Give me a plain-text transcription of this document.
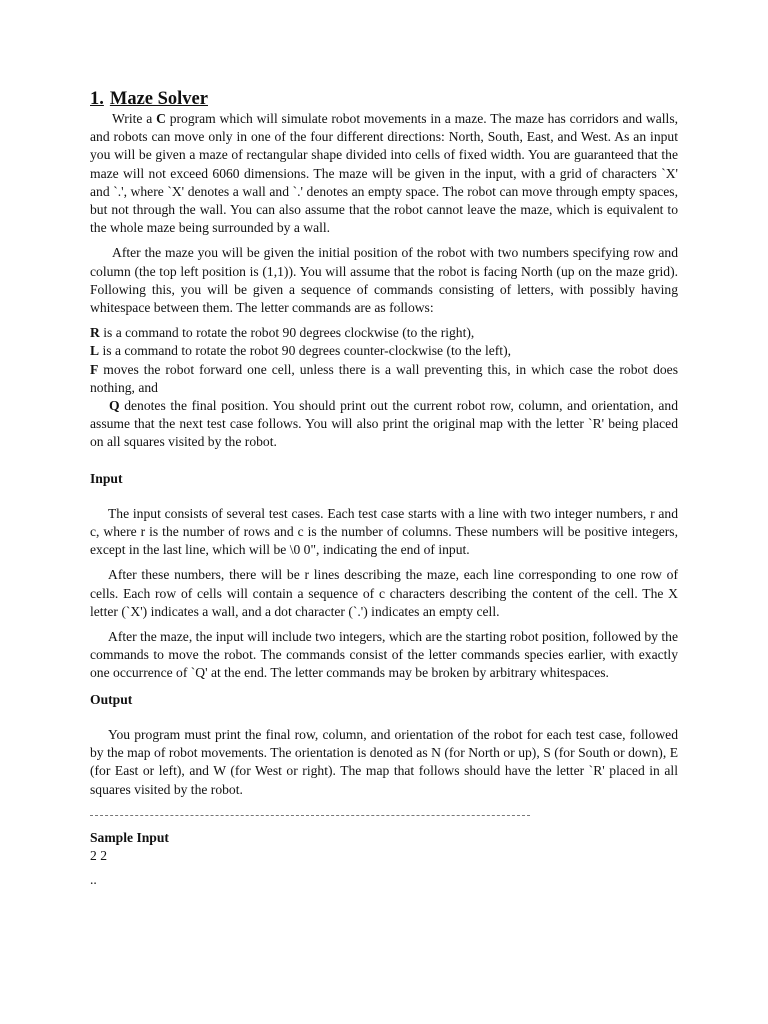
1. Maze Solver

Write a C program which will simulate robot movements in a maze. The maze has corridors and walls, and robots can move only in one of the four different directions: North, South, East, and West. As an input you will be given a maze of rectangular shape divided into cells of fixed width. You are guaranteed that the maze will not exceed 6060 dimensions. The maze will be given in the input, with a grid of characters `X' and `.', where `X' denotes a wall and `.' denotes an empty space. The robot can move through empty spaces, but not through the wall. You can also assume that the robot cannot leave the maze, which is equivalent to the whole maze being surrounded by a wall.

After the maze you will be given the initial position of the robot with two numbers specifying row and column (the top left position is (1,1)). You will assume that the robot is facing North (up on the maze grid). Following this, you will be given a sequence of commands consisting of letters, with possibly having whitespace between them. The letter commands are as follows:

R is a command to rotate the robot 90 degrees clockwise (to the right),

L is a command to rotate the robot 90 degrees counter-clockwise (to the left),

F moves the robot forward one cell, unless there is a wall preventing this, in which case the robot does nothing, and

Q denotes the final position. You should print out the current robot row, column, and orientation, and assume that the next test case follows. You will also print the original map with the letter `R' being placed on all squares visited by the robot.

Input

The input consists of several test cases. Each test case starts with a line with two integer numbers, r and c, where r is the number of rows and c is the number of columns. These numbers will be positive integers, except in the last line, which will be \0 0", indicating the end of input.

After these numbers, there will be r lines describing the maze, each line corresponding to one row of cells. Each row of cells will contain a sequence of c characters describing the content of the cell. The X letter (`X') indicates a wall, and a dot character (`.') indicates an empty cell.

After the maze, the input will include two integers, which are the starting robot position, followed by the commands to move the robot. The commands consist of the letter commands species earlier, with exactly one occurrence of `Q' at the end. The letter commands may be broken by arbitrary whitespaces.

Output

You program must print the final row, column, and orientation of the robot for each test case, followed by the map of robot movements. The orientation is denoted as N (for North or up), S (for South or down), E (for East or left), and W (for West or right). The map that follows should have the letter `R' placed in all squares visited by the robot.

Sample Input

2 2

..
